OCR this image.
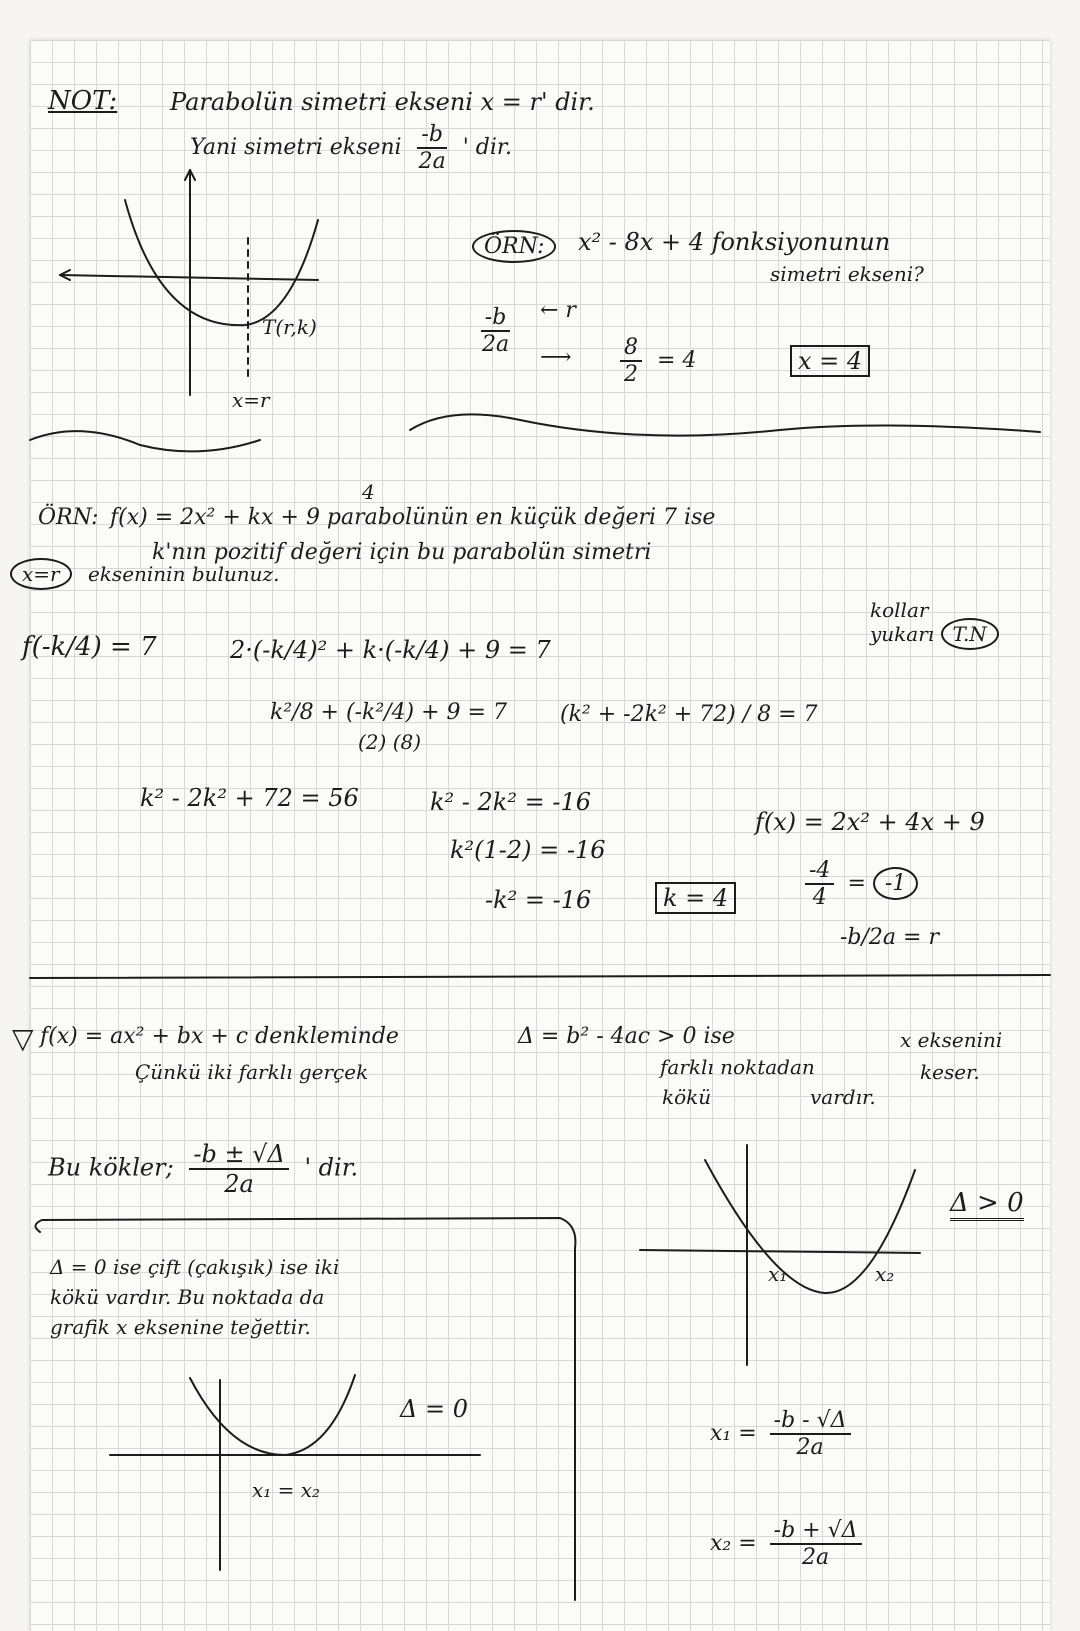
NOT: Parabolün simetri ekseni x = r' dir.
Yani simetri ekseni $\frac{-b}{2a}$ ' dir.
T(r,k)
x=r
ÖRN:	x² - 8x + 4 fonksiyonunun
simetri ekseni?
$\frac{-b}{2a}$ ← r
⟶ $\frac{8}{2} = 4$	x = 4
4
ÖRN: f(x) = 2x² + kx + 9 parabolünün en küçük değeri 7 ise
k'nın pozitif değeri için bu parabolün simetri
x=r ekseninin bulunuz.
kollar
yukarı T.N
f(-k/4) = 7	2·(-k/4)² + k·(-k/4) + 9 = 7
k²/8 + (-k²/4) + 9 = 7
(2) (8)
(k² + -2k² + 72) / 8 = 7
k² - 2k² + 72 = 56	k² - 2k² = -16
k²(1-2) = -16
-k² = -16	k = 4
f(x) = 2x² + 4x + 9
$\frac{-4}{4} = -1$
-b/2a = r
▽ f(x) = ax² + bx + c denkleminde	Δ = b² - 4ac > 0 ise	x eksenini
Çünkü iki farklı gerçek	farklı noktadan	keser.
kökü	vardır.
Bu kökler; $\frac{-b \pm √\Delta}{2a}$ ' dir.
Δ = 0 ise çift (çakışık) ise iki
kökü vardır. Bu noktada da
grafik x eksenine teğettir.
Δ = 0
x₁ = x₂
x₁	x₂
Δ > 0
$x_1 = \frac{-b - √\Delta}{2a}$
$x_2 = \frac{-b + √\Delta}{2a}$
